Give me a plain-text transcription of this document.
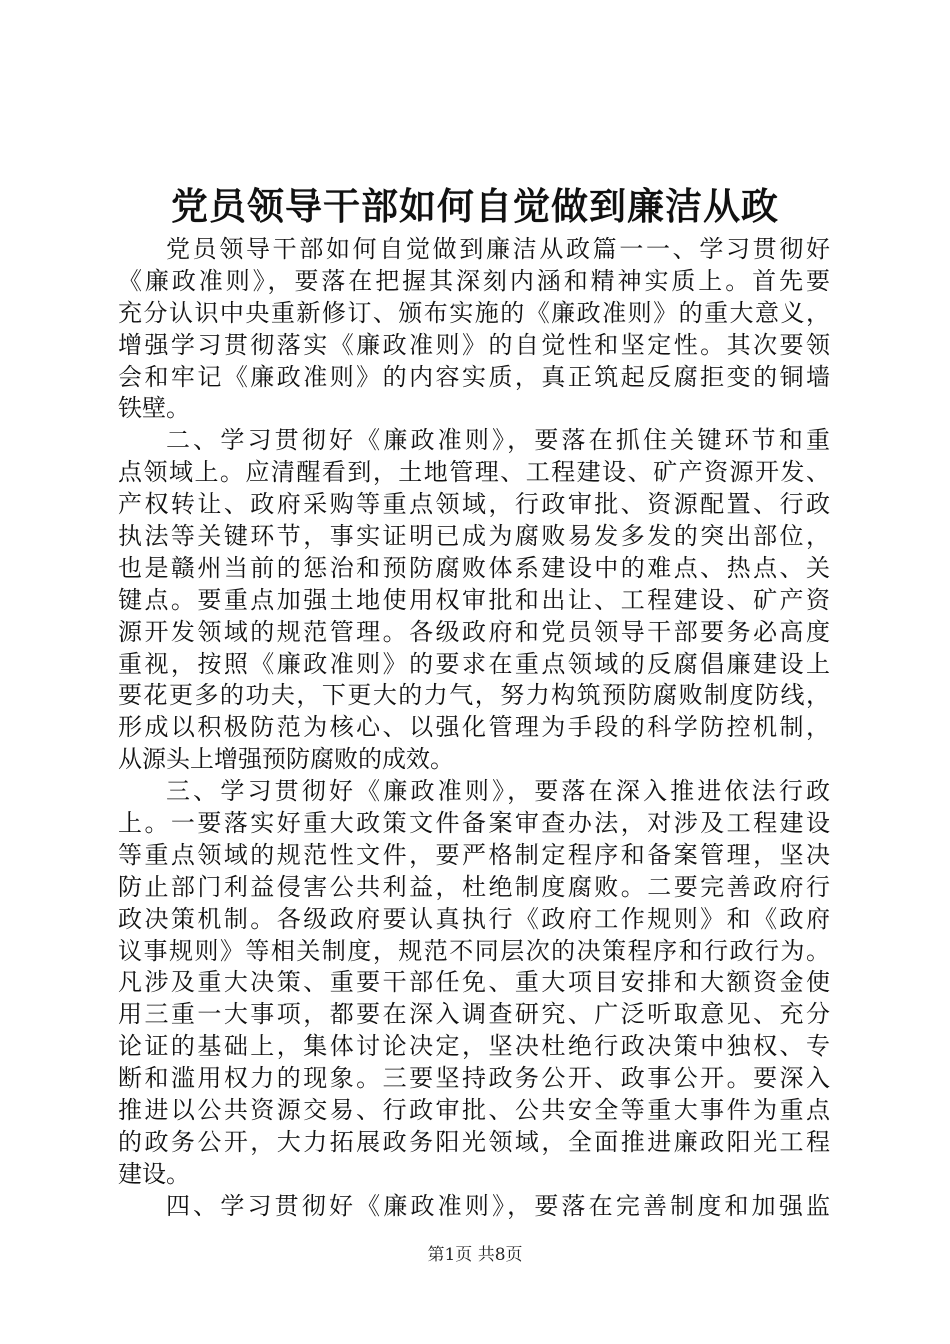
党员领导干部如何自觉做到廉洁从政
党员领导干部如何自觉做到廉洁从政篇一一、学习贯彻好
《廉政准则》，要落在把握其深刻内涵和精神实质上。首先要
充分认识中央重新修订、颁布实施的《廉政准则》的重大意义，
增强学习贯彻落实《廉政准则》的自觉性和坚定性。其次要领
会和牢记《廉政准则》的内容实质，真正筑起反腐拒变的铜墙
铁壁。
二、学习贯彻好《廉政准则》，要落在抓住关键环节和重
点领域上。应清醒看到，土地管理、工程建设、矿产资源开发、
产权转让、政府采购等重点领域，行政审批、资源配置、行政
执法等关键环节，事实证明已成为腐败易发多发的突出部位，
也是赣州当前的惩治和预防腐败体系建设中的难点、热点、关
键点。要重点加强土地使用权审批和出让、工程建设、矿产资
源开发领域的规范管理。各级政府和党员领导干部要务必高度
重视，按照《廉政准则》的要求在重点领域的反腐倡廉建设上
要花更多的功夫，下更大的力气，努力构筑预防腐败制度防线，
形成以积极防范为核心、以强化管理为手段的科学防控机制，
从源头上增强预防腐败的成效。
三、学习贯彻好《廉政准则》，要落在深入推进依法行政
上。一要落实好重大政策文件备案审查办法，对涉及工程建设
等重点领域的规范性文件，要严格制定程序和备案管理，坚决
防止部门利益侵害公共利益，杜绝制度腐败。二要完善政府行
政决策机制。各级政府要认真执行《政府工作规则》和《政府
议事规则》等相关制度，规范不同层次的决策程序和行政行为。
凡涉及重大决策、重要干部任免、重大项目安排和大额资金使
用三重一大事项，都要在深入调查研究、广泛听取意见、充分
论证的基础上，集体讨论决定，坚决杜绝行政决策中独权、专
断和滥用权力的现象。三要坚持政务公开、政事公开。要深入
推进以公共资源交易、行政审批、公共安全等重大事件为重点
的政务公开，大力拓展政务阳光领域，全面推进廉政阳光工程
建设。
四、学习贯彻好《廉政准则》，要落在完善制度和加强监
第1页 共8页
